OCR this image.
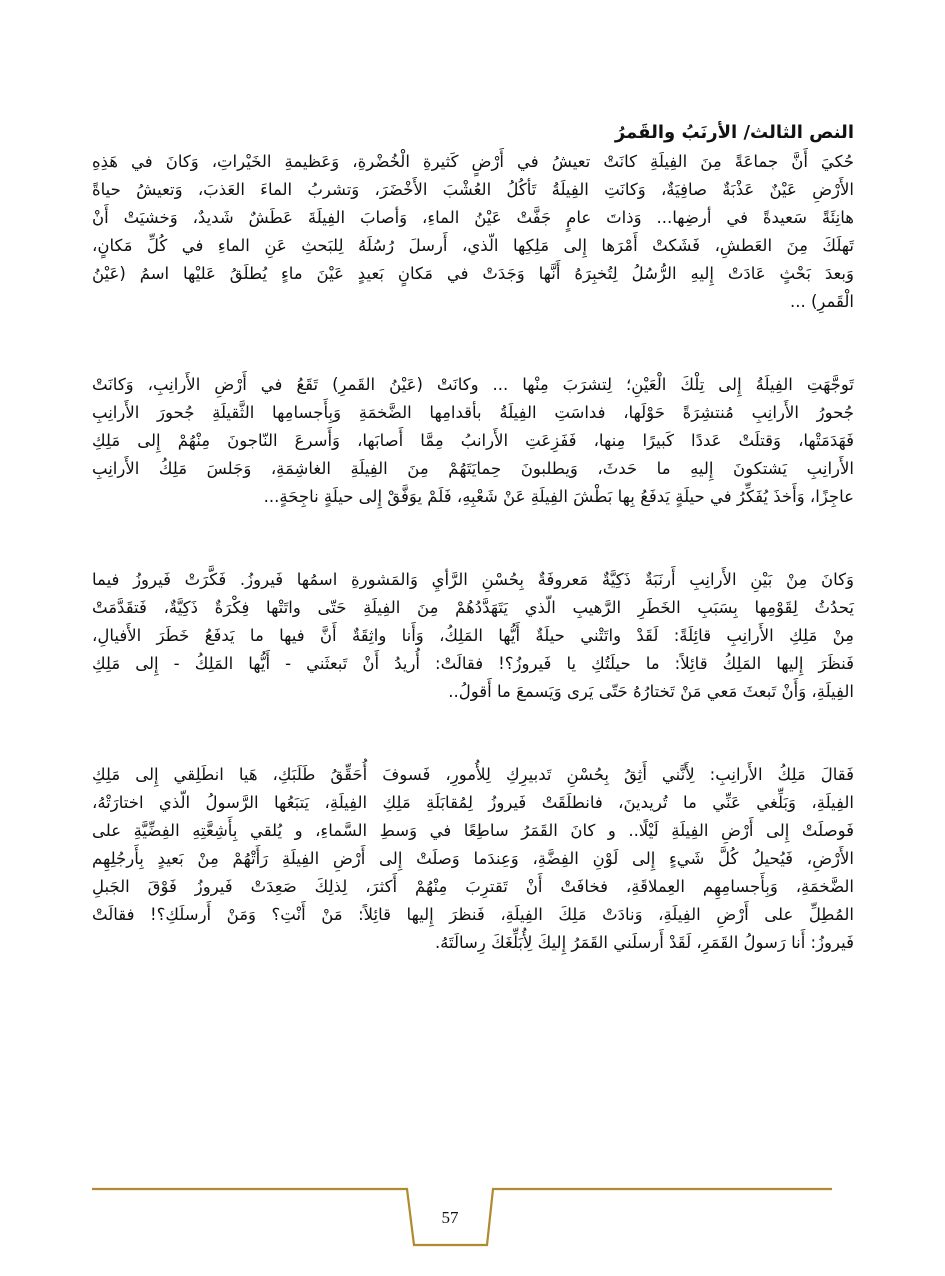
النص الثالث/ الأرنَبُ والقَمرُ
حُكيَ أَنَّ جماعَةً مِنَ الفِيلَةِ كانَتْ تعيشُ في أَرْضٍ كَثيرةِ الْخُضْرةِ، وَعَظيمةِ الخَيْراتِ، وَكانَ في هَذِهِ
الأَرْضِ عَيْنٌ عَذْبَةٌ صافِيَةٌ، وَكانَتِ الفِيلَةُ تَأكُلُ العُشْبَ الأَخْضَرَ، وَتشربُ الماءَ العَذبَ، وَتعيشُ حياةً
هانِئَةً سَعيدةً في أرضِها... وَذاتَ عامٍ جَفَّتْ عَيْنُ الماءِ، وَأصابَ الفِيلَةَ عَطَشٌ شَديدٌ، وَخشيَتْ أَنْ
تَهلَكَ مِنَ العَطشِ، فَشَكتْ أَمْرَها إِلى مَلِكِها الّذي، أَرسلَ رُسُلَهُ لِلبَحثِ عَنِ الماءِ في كُلِّ مَكانٍ،
وَبعدَ بَحْثٍ عَادَتْ إِليهِ الرُّسُلُ لِتُخبِرَهُ أَنَّها وَجَدَتْ في مَكانٍ بَعيدٍ عَيْنَ ماءٍ يُطلَقُ عَليْها اسمُ (عَيْنُ
الْقَمرِ) ...
تَوجَّهَتِ الفِيلَةُ إِلى تِلْكَ الْعَيْنِ؛ لِتشرَبَ مِنْها ... وكانَتْ (عَيْنُ القَمرِ) تَقَعُ في أَرْضِ الأَرانِبِ، وَكانَتْ
جُحورُ الأَرانِبِ مُنتشِرَةً حَوْلَها، فداسَتِ الفِيلَةُ بأقدامِها الضَّخمَةِ وَبِأَجسامِها الثَّقيلَةِ جُحورَ الأَرانِبِ
فَهَدَمَتْها، وَقتلَتْ عَددًا كَبيرًا مِنها، فَفَزِعَتِ الأَرانبُ مِمَّا أَصابَها، وَأَسرعَ النّاجونَ مِنْهُمْ إِلى مَلِكِ
الأَرانِبِ يَشتكونَ إِليهِ ما حَدثَ، وَيطلبونَ حِمايَتَهُمْ مِنَ الفِيلَةِ الغاشِمَةِ، وَجَلسَ مَلِكُ الأَرانِبِ
عاجِزًا، وَأَخذَ يُفَكِّرُ في حيلَةٍ يَدفَعُ بِها بَطْشَ الفِيلَةِ عَنْ شَعْبِهِ، فَلَمْ يوَفَّقْ إِلى حيلَةٍ ناجِحَةٍ...
وَكانَ مِنْ بَيْنِ الأَرانِبِ أَرنَبَةٌ ذَكِيَّةٌ مَعروفَةٌ بِحُسْنِ الرَّأيِ وَالمَشورةِ اسمُها فَيروزُ. فَكَّرَتْ فَيروزُ فيما
يَحدُثُ لِقَوْمِها بِسَبَبِ الخَطَرِ الرَّهيبِ الّذي يَتَهَدَّدُهُمْ مِنَ الفِيلَةِ حَتّى واتَتْها فِكْرَةٌ ذَكِيَّةٌ، فَتقَدَّمَتْ
مِنْ مَلِكِ الأَرانِبِ قائِلَةً: لَقَدْ واتَتْني حيلَةٌ أَيُّها المَلِكُ، وَأَنا واثِقَةٌ أَنَّ فيها ما يَدفَعُ خَطَرَ الأَفيالِ،
فَنظَرَ إِليها المَلِكُ قائِلاً: ما حيلَتُكِ يا فَيروزُ؟! فقالَتْ: أُريدُ أَنْ تَبعثَني - أَيُّها المَلِكُ - إِلى مَلِكِ
الفِيلَةِ، وَأَنْ تَبعثَ مَعي مَنْ تَختارُهُ حَتّى يَرى وَيَسمعَ ما أَقولُ..
فَقالَ مَلِكُ الأَرانِبِ: لِأَنَّني أَثِقُ بِحُسْنِ تَدبيرِكِ لِلأُمورِ، فَسوفَ أُحَقِّقُ طَلَبَكِ، هَيا انطَلِقي إِلى مَلِكِ
الفِيلَةِ، وَبَلِّغي عَنِّي ما تُريدينَ، فانطلَقَتْ فَيروزُ لِمُقابَلَةِ مَلِكِ الفِيلَةِ، يَتبَعُها الرَّسولُ الّذي اختارَتْهُ،
فَوصلَتْ إِلى أَرْضِ الفِيلَةِ لَيْلًا.. و كانَ القَمَرُ ساطِعًا في وَسطِ السَّماءِ، و يُلقي بِأَشِعَّتِهِ الفِضِّيَّةِ على
الأَرْضِ، فَيُحيلُ كُلَّ شَيءٍ إِلى لَوْنِ الفِضَّةِ، وَعِندَما وَصلَتْ إِلى أَرْضِ الفِيلَةِ رَأَتْهُمْ مِنْ بَعيدٍ بِأَرجُلِهِم
الضَّخمَةِ، وَبِأَجسامِهِم العِملاقَةِ، فخافَتْ أَنْ تَقترِبَ مِنْهُمْ أَكثرَ، لِذلِكَ صَعِدَتْ فَيروزُ فَوْقَ الجَبلِ
المُطِلِّ على أَرْضِ الفِيلَةِ، وَنادَتْ مَلِكَ الفِيلَةِ، فَنظرَ إِليها قائِلاً: مَنْ أَنْتِ؟ وَمَنْ أَرسلَكِ؟! فقالَتْ
فَيروزُ: أَنا رَسولُ القَمَرِ، لَقَدْ أَرسلَني القَمَرُ إِليكَ لِأُبَلِّغَكَ رِسالَتَهُ.
57
